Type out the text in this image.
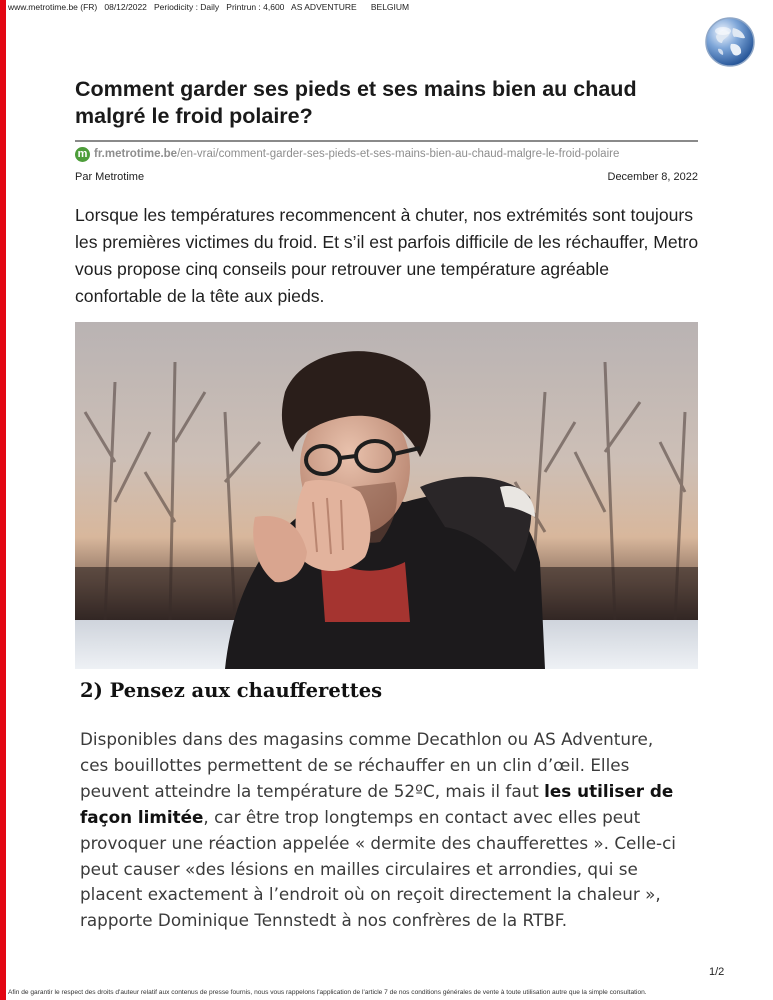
www.metrotime.be (FR) 08/12/2022 Periodicity : Daily Printrun : 4,600 AS ADVENTURE BELGIUM
Comment garder ses pieds et ses mains bien au chaud malgré le froid polaire?
m fr.metrotime.be /en-vrai/comment-garder-ses-pieds-et-ses-mains-bien-au-chaud-malgre-le-froid-polaire
Par Metrotime	December 8, 2022

Lorsque les températures recommencent à chuter, nos extrémités sont toujours les premières victimes du froid. Et s’il est parfois difficile de les réchauffer, Metro vous propose cinq conseils pour retrouver une température agréable confortable de la tête aux pieds.

2) Pensez aux chaufferettes

Disponibles dans des magasins comme Decathlon ou AS Adventure, ces bouillottes permettent de se réchauffer en un clin d’œil. Elles peuvent atteindre la température de 52ºC, mais il faut les utiliser de façon limitée, car être trop longtemps en contact avec elles peut provoquer une réaction appelée « dermite des chaufferettes ». Celle-ci peut causer «des lésions en mailles circulaires et arrondies, qui se placent exactement à l’endroit où on reçoit directement la chaleur », rapporte Dominique Tennstedt à nos confrères de la RTBF.

1/2
Afin de garantir le respect des droits d'auteur relatif aux contenus de presse fournis, nous vous rappelons l'application de l'article 7 de nos conditions générales de vente à toute utilisation autre que la simple consultation.
